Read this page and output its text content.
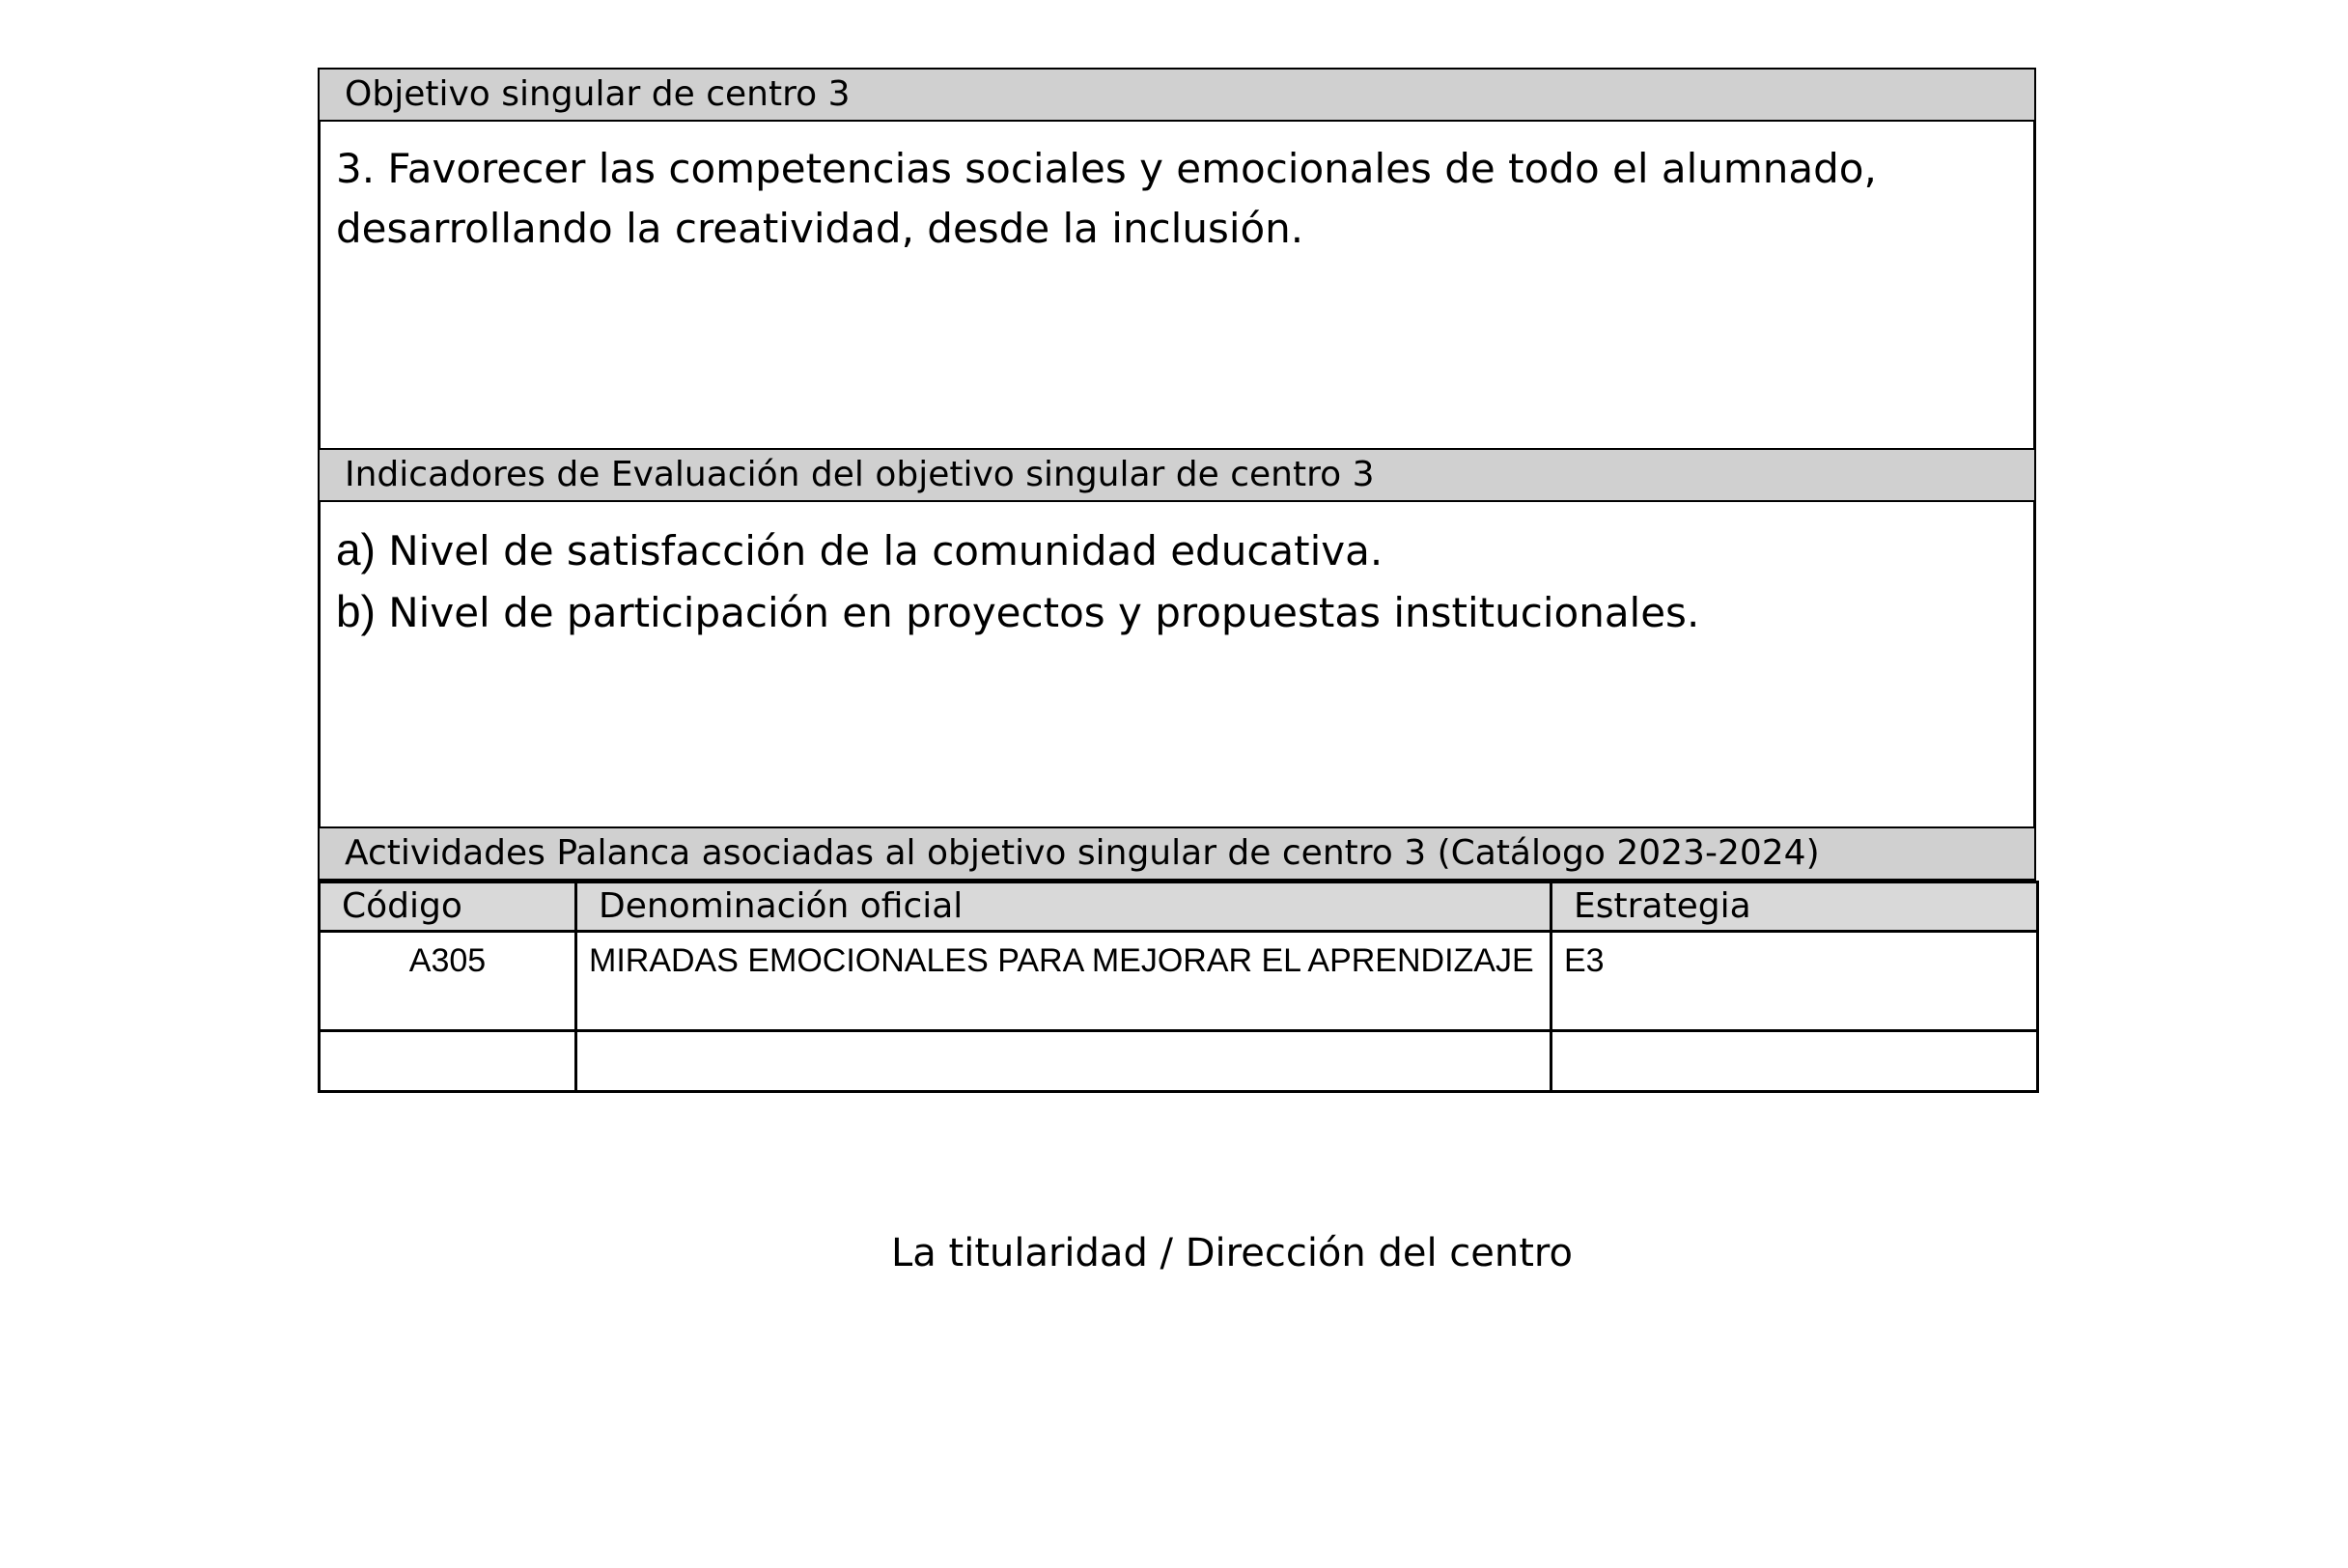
Objetivo singular de centro 3

3. Favorecer las competencias sociales y emocionales de todo el alumnado, desarrollando la creatividad, desde la inclusión.

Indicadores de Evaluación del objetivo singular de centro 3

a) Nivel de satisfacción de la comunidad educativa.

b) Nivel de participación en proyectos y propuestas institucionales.

Actividades Palanca asociadas al objetivo singular de centro 3 (Catálogo 2023-2024)
Código	Denominación oficial	Estrategia
A305	MIRADAS EMOCIONALES PARA MEJORAR EL APRENDIZAJE	E3

La titularidad / Dirección del centro
